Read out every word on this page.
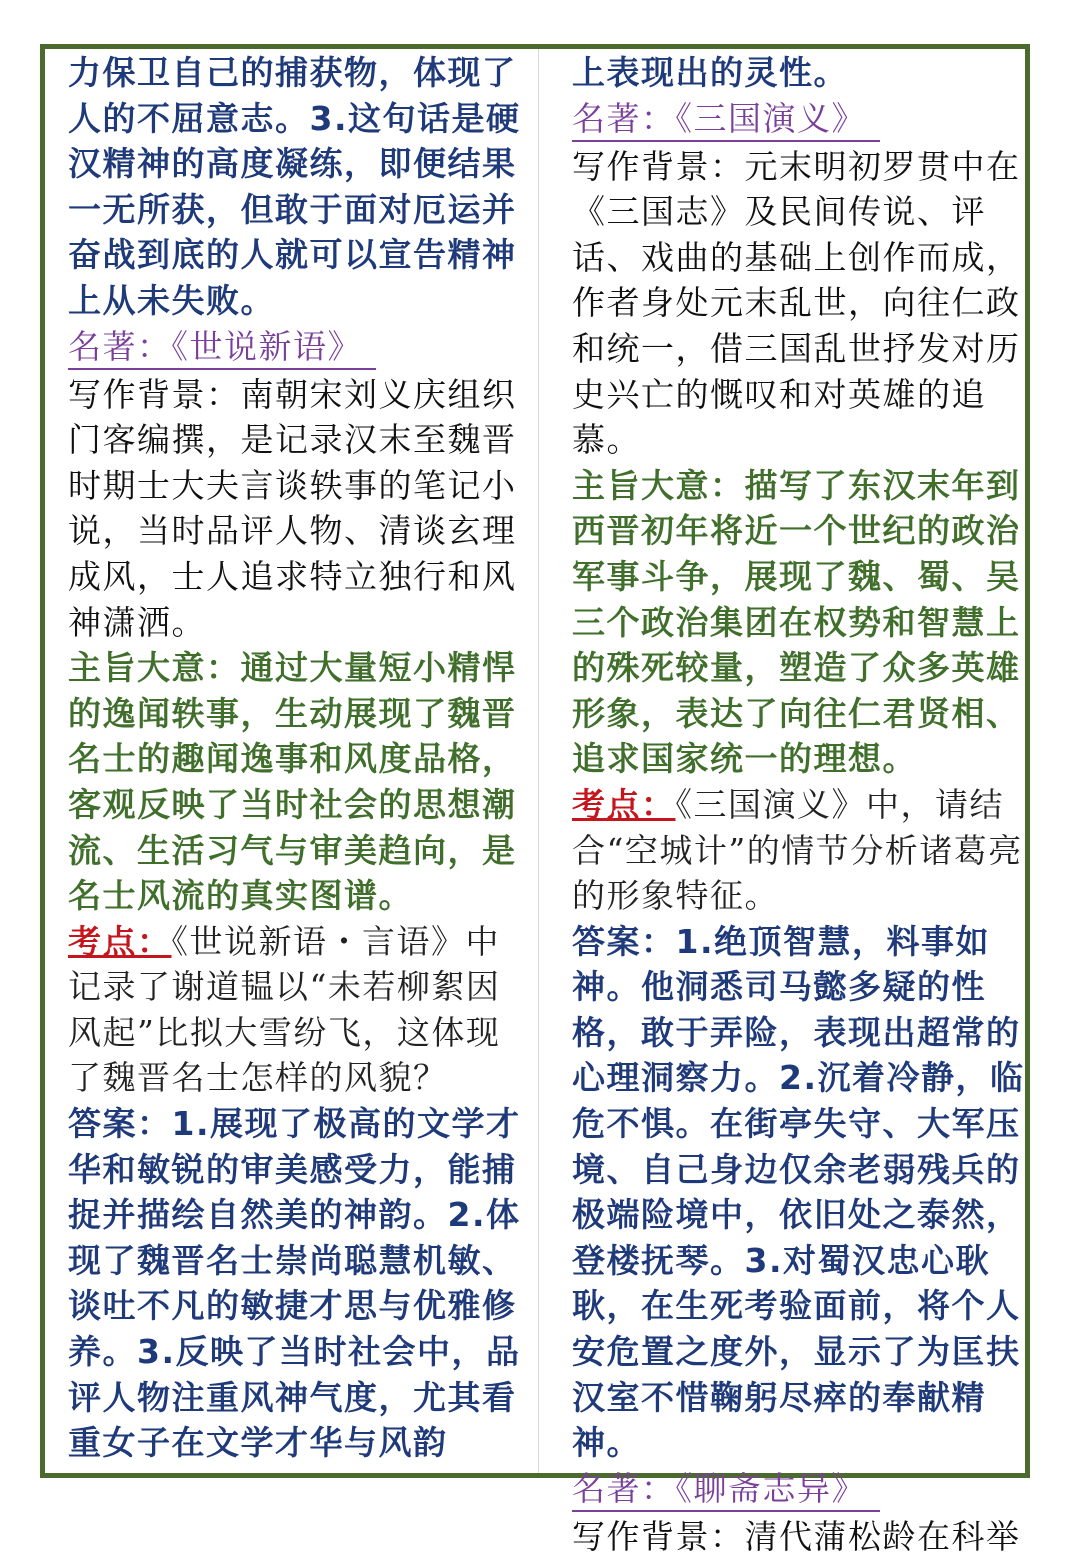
力保卫自己的捕获物，体现了人的不屈意志。3.这句话是硬汉精神的高度凝练，即便结果一无所获，但敢于面对厄运并奋战到底的人就可以宣告精神上从未失败。

名著：《世说新语》

写作背景：南朝宋刘义庆组织门客编撰，是记录汉末至魏晋时期士大夫言谈轶事的笔记小说，当时品评人物、清谈玄理成风，士人追求特立独行和风神潇洒。

主旨大意：通过大量短小精悍的逸闻轶事，生动展现了魏晋名士的趣闻逸事和风度品格，客观反映了当时社会的思想潮流、生活习气与审美趋向，是名士风流的真实图谱。

考点：《世说新语・言语》中记录了谢道韫以“未若柳絮因风起”比拟大雪纷飞，这体现了魏晋名士怎样的风貌？

答案：1.展现了极高的文学才华和敏锐的审美感受力，能捕捉并描绘自然美的神韵。2.体现了魏晋名士崇尚聪慧机敏、谈吐不凡的敏捷才思与优雅修养。3.反映了当时社会中，品评人物注重风神气度，尤其看重女子在文学才华与风韵

上表现出的灵性。

名著：《三国演义》

写作背景：元末明初罗贯中在《三国志》及民间传说、评话、戏曲的基础上创作而成，作者身处元末乱世，向往仁政和统一，借三国乱世抒发对历史兴亡的慨叹和对英雄的追慕。

主旨大意：描写了东汉末年到西晋初年将近一个世纪的政治军事斗争，展现了魏、蜀、吴三个政治集团在权势和智慧上的殊死较量，塑造了众多英雄形象，表达了向往仁君贤相、追求国家统一的理想。

考点：《三国演义》中，请结合“空城计”的情节分析诸葛亮的形象特征。

答案：1.绝顶智慧，料事如神。他洞悉司马懿多疑的性格，敢于弄险，表现出超常的心理洞察力。2.沉着冷静，临危不惧。在街亭失守、大军压境、自己身边仅余老弱残兵的极端险境中，依旧处之泰然，登楼抚琴。3.对蜀汉忠心耿耿，在生死考验面前，将个人安危置之度外，显示了为匡扶汉室不惜鞠躬尽瘁的奉献精神。

名著：《聊斋志异》

写作背景：清代蒲松龄在科举
